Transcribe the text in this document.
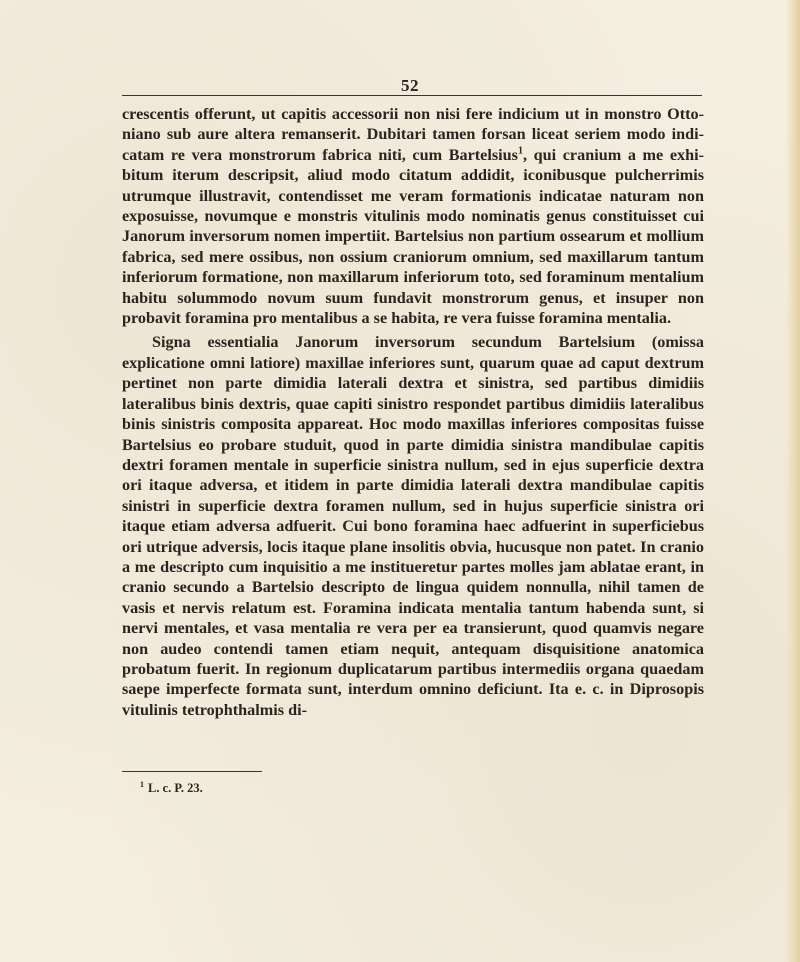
52

crescentis offerunt, ut capitis accessorii non nisi fere indicium ut in monstro Ottoniano sub aure altera remanserit. Dubitari tamen forsan liceat seriem modo indicatam re vera monstrorum fabrica niti, cum Bartelsius$^1$, qui cranium a me exhibitum iterum descripsit, aliud modo citatum addidit, iconibusque pulcherrimis utrumque illustravit, contendisset me veram formationis indicatae naturam non exposuisse, novumque e monstris vitulinis modo nominatis genus constituisset cui Janorum inversorum nomen impertiit. Bartelsius non partium ossearum et mollium fabrica, sed mere ossibus, non ossium craniorum omnium, sed maxillarum tantum inferiorum formatione, non maxillarum inferiorum toto, sed foraminum mentalium habitu solummodo novum suum fundavit monstrorum genus, et insuper non probavit foramina pro mentalibus a se habita, re vera fuisse foramina mentalia.

Signa essentialia Janorum inversorum secundum Bartelsium (omissa explicatione omni latiore) maxillae inferiores sunt, quarum quae ad caput dextrum pertinet non parte dimidia laterali dextra et sinistra, sed partibus dimidiis lateralibus binis dextris, quae capiti sinistro respondet partibus dimidiis lateralibus binis sinistris composita appareat. Hoc modo maxillas inferiores compositas fuisse Bartelsius eo probare studuit, quod in parte dimidia sinistra mandibulae capitis dextri foramen mentale in superficie sinistra nullum, sed in ejus superficie dextra ori itaque adversa, et itidem in parte dimidia laterali dextra mandibulae capitis sinistri in superficie dextra foramen nullum, sed in hujus superficie sinistra ori itaque etiam adversa adfuerit. Cui bono foramina haec adfuerint in superficiebus ori utrique adversis, locis itaque plane insolitis obvia, hucusque non patet. In cranio a me descripto cum inquisitio a me institueretur partes molles jam ablatae erant, in cranio secundo a Bartelsio descripto de lingua quidem nonnulla, nihil tamen de vasis et nervis relatum est. Foramina indicata mentalia tantum habenda sunt, si nervi mentales, et vasa mentalia re vera per ea transierunt, quod quamvis negare non audeo contendi tamen etiam nequit, antequam disquisitione anatomica probatum fuerit. In regionum duplicatarum partibus intermediis organa quaedam saepe imperfecte formata sunt, interdum omnino deficiunt. Ita e. c. in Diprosopis vitulinis tetrophthalmis di-

$^1$ L. c. P. 23.
